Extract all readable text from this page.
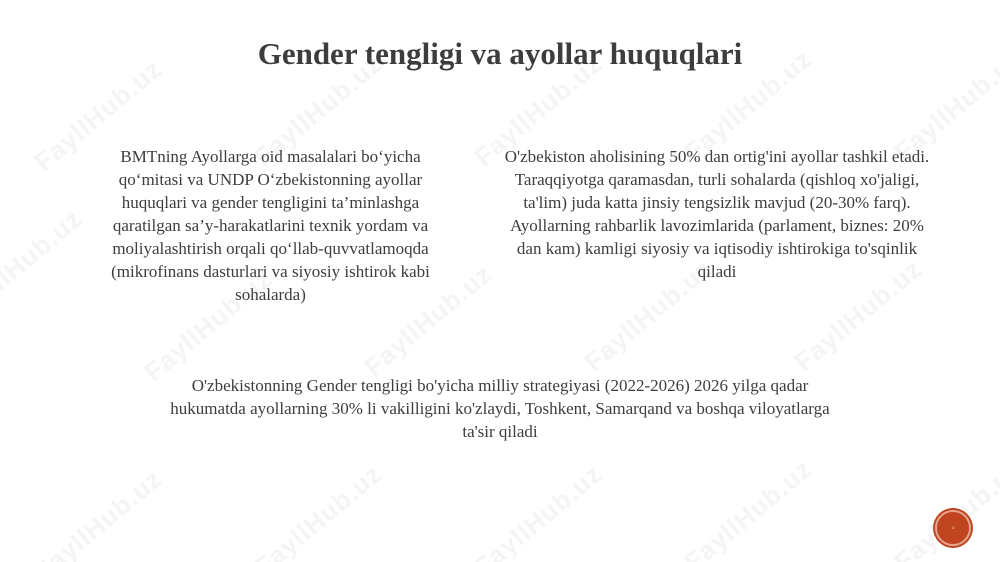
Gender tengligi va ayollar huquqlari

BMTning Ayollarga oid masalalari bo‘yicha qo‘mitasi va UNDP O‘zbekistonning ayollar huquqlari va gender tengligini ta’minlashga qaratilgan sa’y-harakatlarini texnik yordam va moliyalashtirish orqali qo‘llab-quvvatlamoqda (mikrofinans dasturlari va siyosiy ishtirok kabi sohalarda)

O'zbekiston aholisining 50% dan ortig'ini ayollar tashkil etadi. Taraqqiyotga qaramasdan, turli sohalarda (qishloq xo'jaligi, ta'lim) juda katta jinsiy tengsizlik mavjud (20-30% farq). Ayollarning rahbarlik lavozimlarida (parlament, biznes: 20% dan kam) kamligi siyosiy va iqtisodiy ishtirokiga to'sqinlik qiladi

O'zbekistonning Gender tengligi bo'yicha milliy strategiyasi (2022-2026) 2026 yilga qadar hukumatda ayollarning 30% li vakilligini ko'zlaydi, Toshkent, Samarqand va boshqa viloyatlarga ta'sir qiladi

◦
